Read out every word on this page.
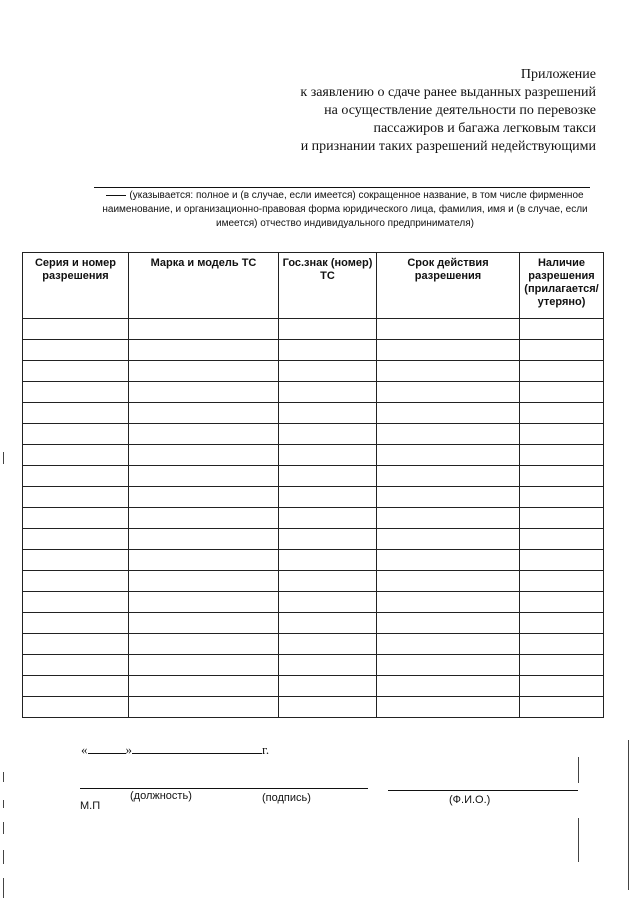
Приложение
к заявлению о сдаче ранее выданных разрешений
на осуществление деятельности по перевозке
пассажиров и багажа легковым такси
и признании таких разрешений недействующими
(указывается: полное и (в случае, если имеется) сокращенное название, в том числе фирменное
наименование, и организационно-правовая форма юридического лица, фамилия, имя и (в случае, если
имеется) отчество индивидуального предпринимателя)
Серия и номер разрешения	Марка и модель ТС	Гос.знак (номер) ТС	Срок действия разрешения	Наличие разрешения (прилагается/ утеряно)

«	»	г.
(должность)	(подпись)	(Ф.И.О.)
М.П
